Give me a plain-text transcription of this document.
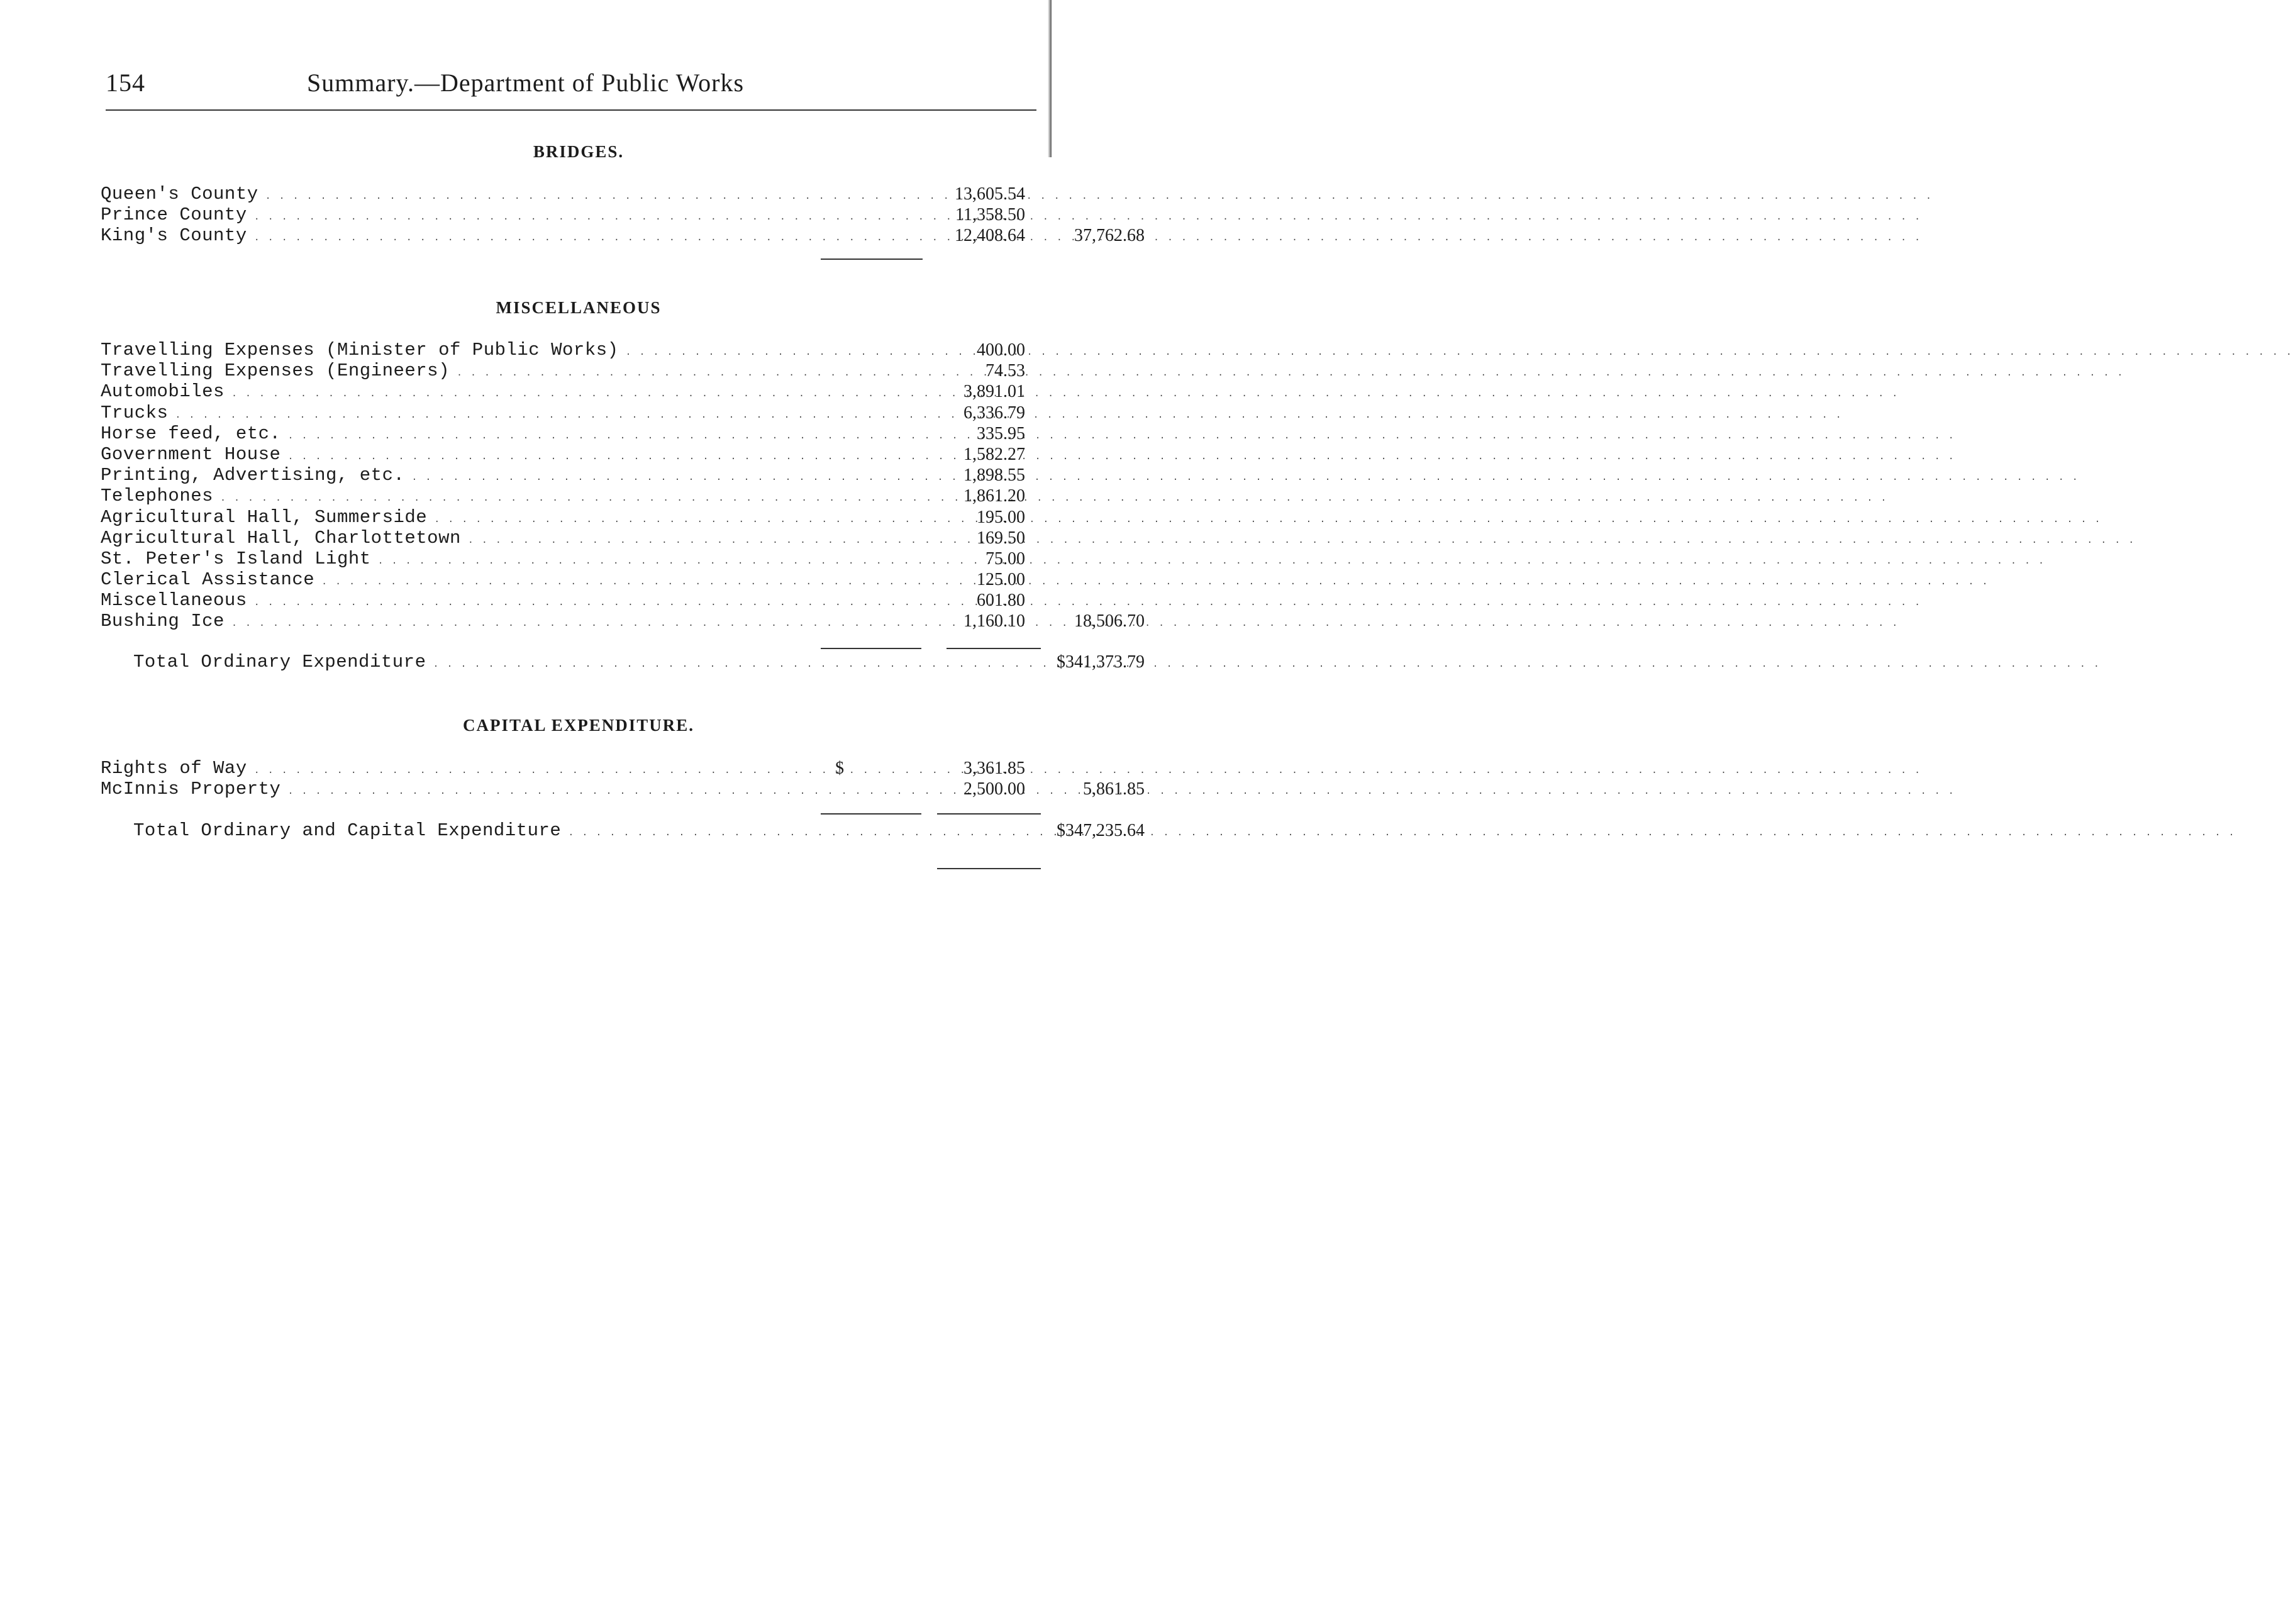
154	Summary.—Department of Public Works
BRIDGES.
Queen's County . . .	13,605.54
Prince County . . .	11,358.50
King's County . . .	12,408.64	37,762.68
MISCELLANEOUS
Travelling Expenses (Minister of Public Works) . . .	400.00
Travelling Expenses (Engineers) . . .	74.53
Automobiles . . .	3,891.01
Trucks . . .	6,336.79
Horse feed, etc. . . .	335.95
Government House . . .	1,582.27
Printing, Advertising, etc. . . .	1,898.55
Telephones . . .	1,861.20
Agricultural Hall, Summerside . . .	195.00
Agricultural Hall, Charlottetown . . .	169.50
St. Peter's Island Light . . .	75.00
Clerical Assistance . . .	125.00
Miscellaneous . . .	601.80
Bushing Ice . . .	1,160.10	18,506.70
Total Ordinary Expenditure . . .	$341,373.79
CAPITAL EXPENDITURE.
Rights of Way . . .	$	3,361.85
McInnis Property . . .	2,500.00	5,861.85
Total Ordinary and Capital Expenditure . . .	$347,235.64
